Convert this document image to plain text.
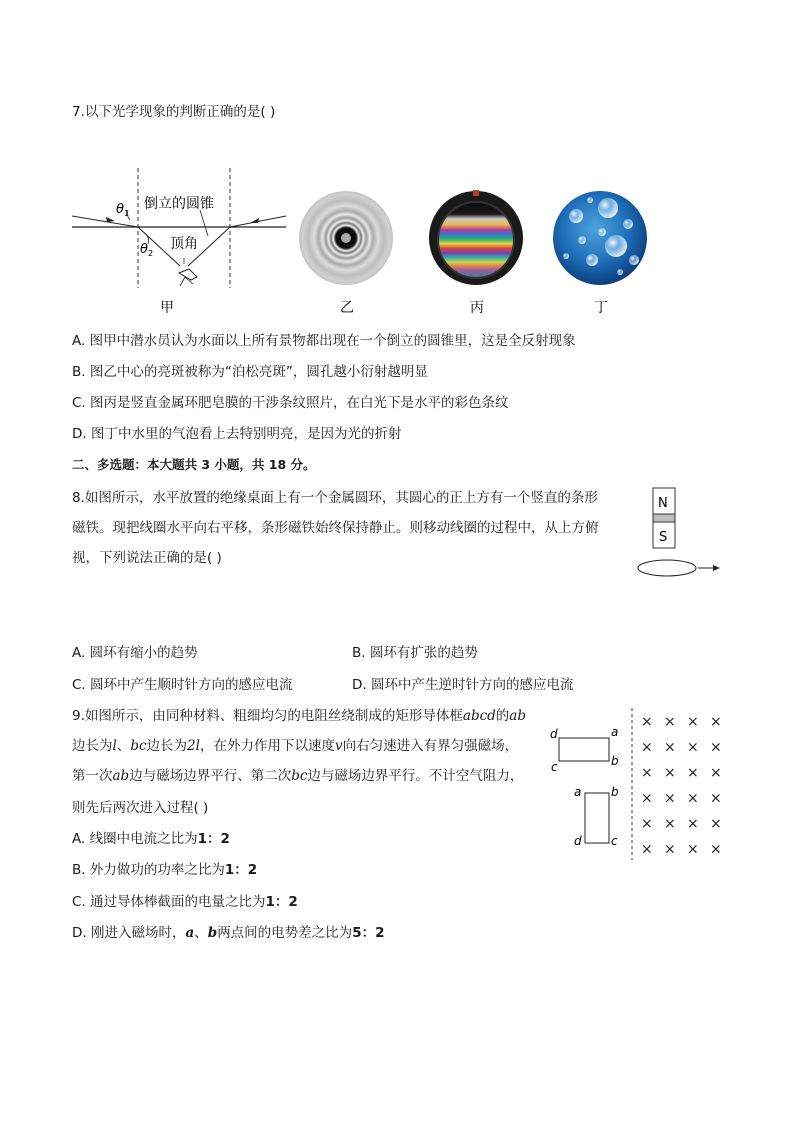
7.以下光学现象的判断正确的是( )
θ 1
θ 2
倒立的圆锥
顶角
甲	乙	丙	丁
A. 图甲中潜水员认为水面以上所有景物都出现在一个倒立的圆锥里，这是全反射现象
B. 图乙中心的亮斑被称为“泊松亮斑”，圆孔越小衍射越明显
C. 图丙是竖直金属环肥皂膜的干涉条纹照片，在白光下是水平的彩色条纹
D. 图丁中水里的气泡看上去特别明亮，是因为光的折射
二、多选题：本大题共 3 小题，共 18 分。
8.如图所示，水平放置的绝缘桌面上有一个金属圆环，其圆心的正上方有一个竖直的条形
磁铁。现把线圈水平向右平移，条形磁铁始终保持静止。则移动线圈的过程中，从上方俯
视，下列说法正确的是( )
N
S
A. 圆环有缩小的趋势	B. 圆环有扩张的趋势
C. 圆环中产生顺时针方向的感应电流	D. 圆环中产生逆时针方向的感应电流
9.如图所示，由同种材料、粗细均匀的电阻丝绕制成的矩形导体框abcd的ab
边长为l、bc边长为2l，在外力作用下以速度v向右匀速进入有界匀强磁场，
第一次ab边与磁场边界平行、第二次bc边与磁场边界平行。不计空气阻力，
则先后两次进入过程( )
A. 线圈中电流之比为1：2
B. 外力做功的功率之比为1：2
C. 通过导体棒截面的电量之比为1：2
D. 刚进入磁场时，a、b两点间的电势差之比为5：2
d	a
c	b
a b
d c
× × × ×
× × × ×
× × × ×
× × × ×
× × × ×
× × × ×
